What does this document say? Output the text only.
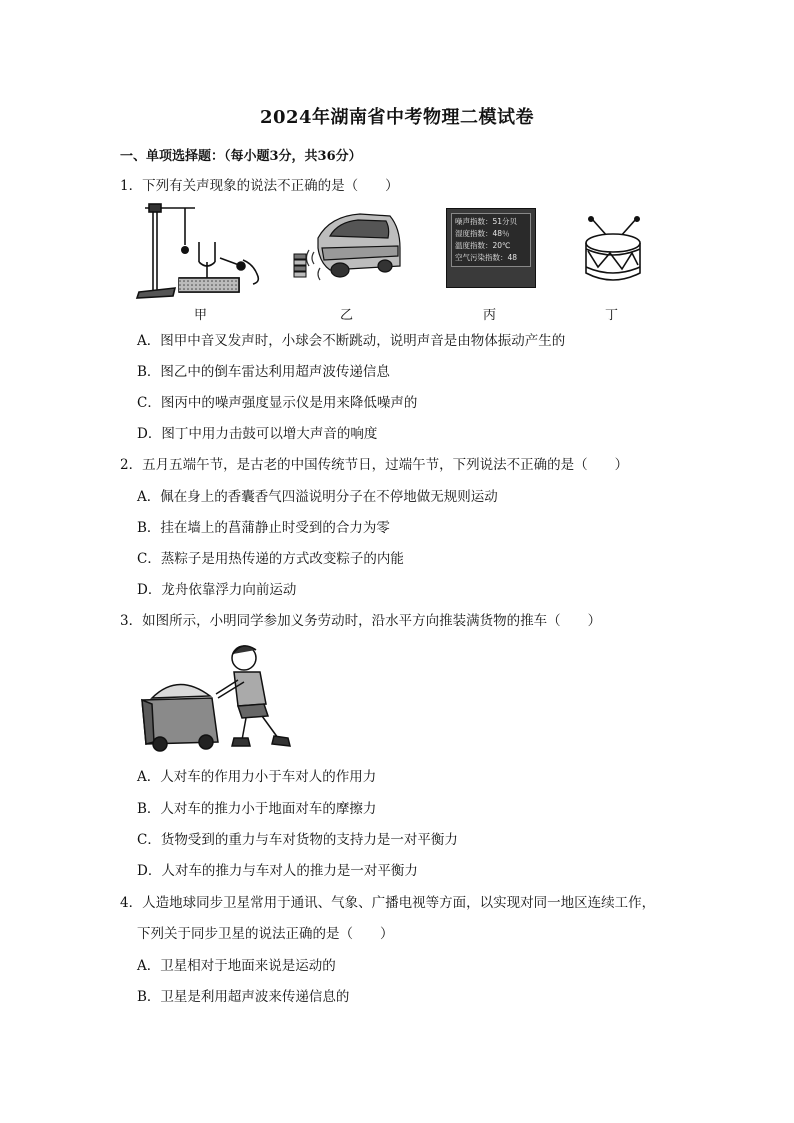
2024年湖南省中考物理二模试卷
一、单项选择题：（每小题3分，共36分）
1．下列有关声现象的说法不正确的是（　　）
甲	乙
噪声指数：51分贝
湿度指数：48％
温度指数：20℃
空气污染指数：48
丙	丁
A．图甲中音叉发声时，小球会不断跳动，说明声音是由物体振动产生的
B．图乙中的倒车雷达利用超声波传递信息
C．图丙中的噪声强度显示仪是用来降低噪声的
D．图丁中用力击鼓可以增大声音的响度
2．五月五端午节，是古老的中国传统节日，过端午节，下列说法不正确的是（　　）
A．佩在身上的香囊香气四溢说明分子在不停地做无规则运动
B．挂在墙上的菖蒲静止时受到的合力为零
C．蒸粽子是用热传递的方式改变粽子的内能
D．龙舟依靠浮力向前运动
3．如图所示，小明同学参加义务劳动时，沿水平方向推装满货物的推车（　　）
A．人对车的作用力小于车对人的作用力
B．人对车的推力小于地面对车的摩擦力
C．货物受到的重力与车对货物的支持力是一对平衡力
D．人对车的推力与车对人的推力是一对平衡力
4．人造地球同步卫星常用于通讯、气象、广播电视等方面，以实现对同一地区连续工作，
下列关于同步卫星的说法正确的是（　　）
A．卫星相对于地面来说是运动的
B．卫星是利用超声波来传递信息的
